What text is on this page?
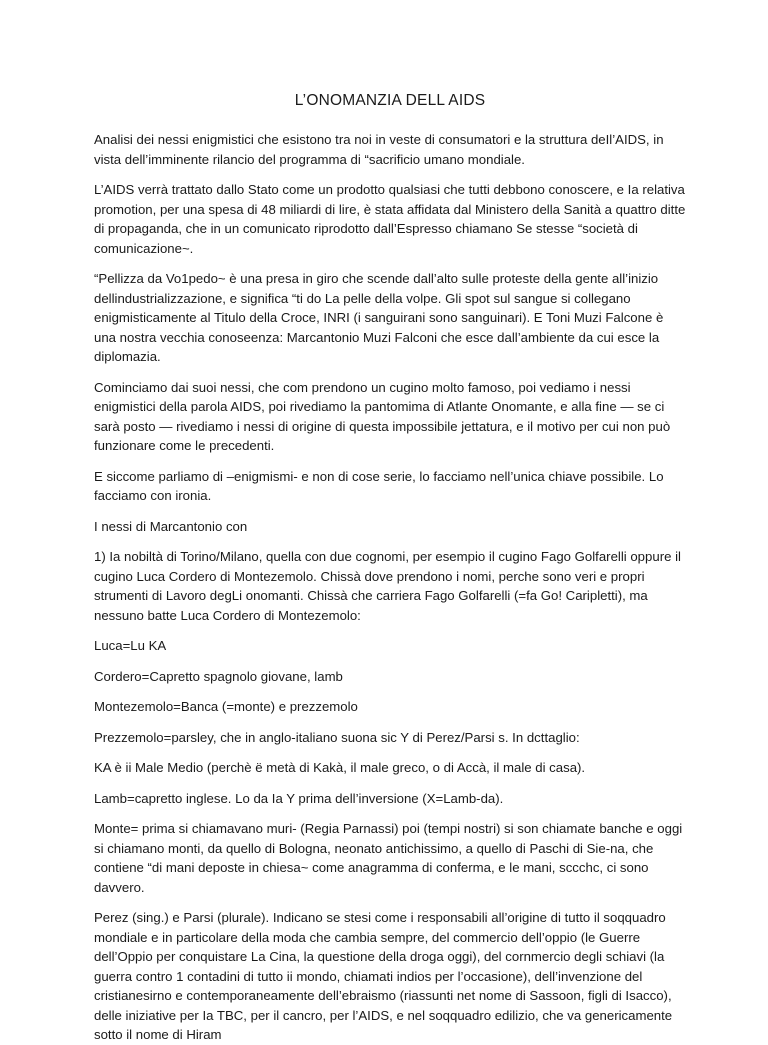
L’ONOMANZIA DELL AIDS

Analisi dei nessi enigmistici che esistono tra noi in veste di consumatori e la struttura deIl’AIDS, in vista dell’imminente rilancio del programma di “sacrificio umano mondiale.

L’AIDS verrà trattato dallo Stato come un prodotto qualsiasi che tutti debbono conoscere, e Ia relativa promotion, per una spesa di 48 miliardi di lire, è stata affidata dal Ministero della Sanità a quattro ditte di propaganda, che in un comunicato riprodotto dall’Espresso chiamano Se stesse “società di comunicazione~.

“Pellizza da Vo1pedo~ è una presa in giro che scende dall’alto sulle proteste della gente all’inizio dellindustrializzazione, e significa “ti do La pelle della volpe. Gli spot sul sangue si collegano enigmisticamente al Titulo della Croce, INRI (i sanguirani sono sanguinari). E Toni Muzi Falcone è una nostra vecchia conoseenza: Marcantonio Muzi Falconi che esce dall’ambiente da cui esce la diplomazia.

Cominciamo dai suoi nessi, che com prendono un cugino molto famoso, poi vediamo i nessi enigmistici della parola AIDS, poi rivediamo la pantomima di Atlante Onomante, e alla fine — se ci sarà posto — rivediamo i nessi di origine di questa impossibile jettatura, e il motivo per cui non può funzionare come le precedenti.

E siccome parliamo di –enigmismi- e non di cose serie, lo facciamo nell’unica chiave possibile. Lo facciamo con ironia.

I nessi di Marcantonio con

1) Ia nobiltà di Torino/Milano, quella con due cognomi, per esempio il cugino Fago Golfarelli oppure il cugino Luca Cordero di Montezemolo. Chissà dove prendono i nomi, perche sono veri e propri strumenti di Lavoro degLi onomanti. Chissà che carriera Fago Golfarelli (=fa Go! Caripletti), ma nessuno batte Luca Cordero di Montezemolo:

Luca=Lu KA

Cordero=Capretto spagnolo giovane, lamb

Montezemolo=Banca (=monte) e prezzemolo

Prezzemolo=parsley, che in anglo-italiano suona sic Y di Perez/Parsi s. In dcttaglio:

KA è ii Male Medio (perchè ë metà di Kakà, il male greco, o di Accà, il male di casa).

Lamb=capretto inglese. Lo da Ia Y prima dell’inversione (X=Lamb-da).

Monte= prima si chiamavano muri- (Regia Parnassi) poi (tempi nostri) si son chiamate banche e oggi si chiamano monti, da quello di Bologna, neonato antichissimo, a quello di Paschi di Sie-na, che contiene “di mani deposte in chiesa~ come anagramma di conferma, e le mani, sccchc, ci sono davvero.

Perez (sing.) e Parsi (plurale). Indicano se stesi come i responsabili all’origine di tutto il soqquadro mondiale e in particolare della moda che cambia sempre, del commercio dell’oppio (le Guerre dell’Oppio per conquistare La Cina, la questione della droga oggi), del cornmercio degli schiavi (la guerra contro 1 contadini di tutto ii mondo, chiamati indios per l’occasione), dell’invenzione del cristianesirno e contemporaneamente dell’ebraismo (riassunti net nome di Sassoon, figli di Isacco), delle iniziative per Ia TBC, per il cancro, per l’AIDS, e nel soqquadro edilizio, che va genericamente sotto il nome di Hiram
